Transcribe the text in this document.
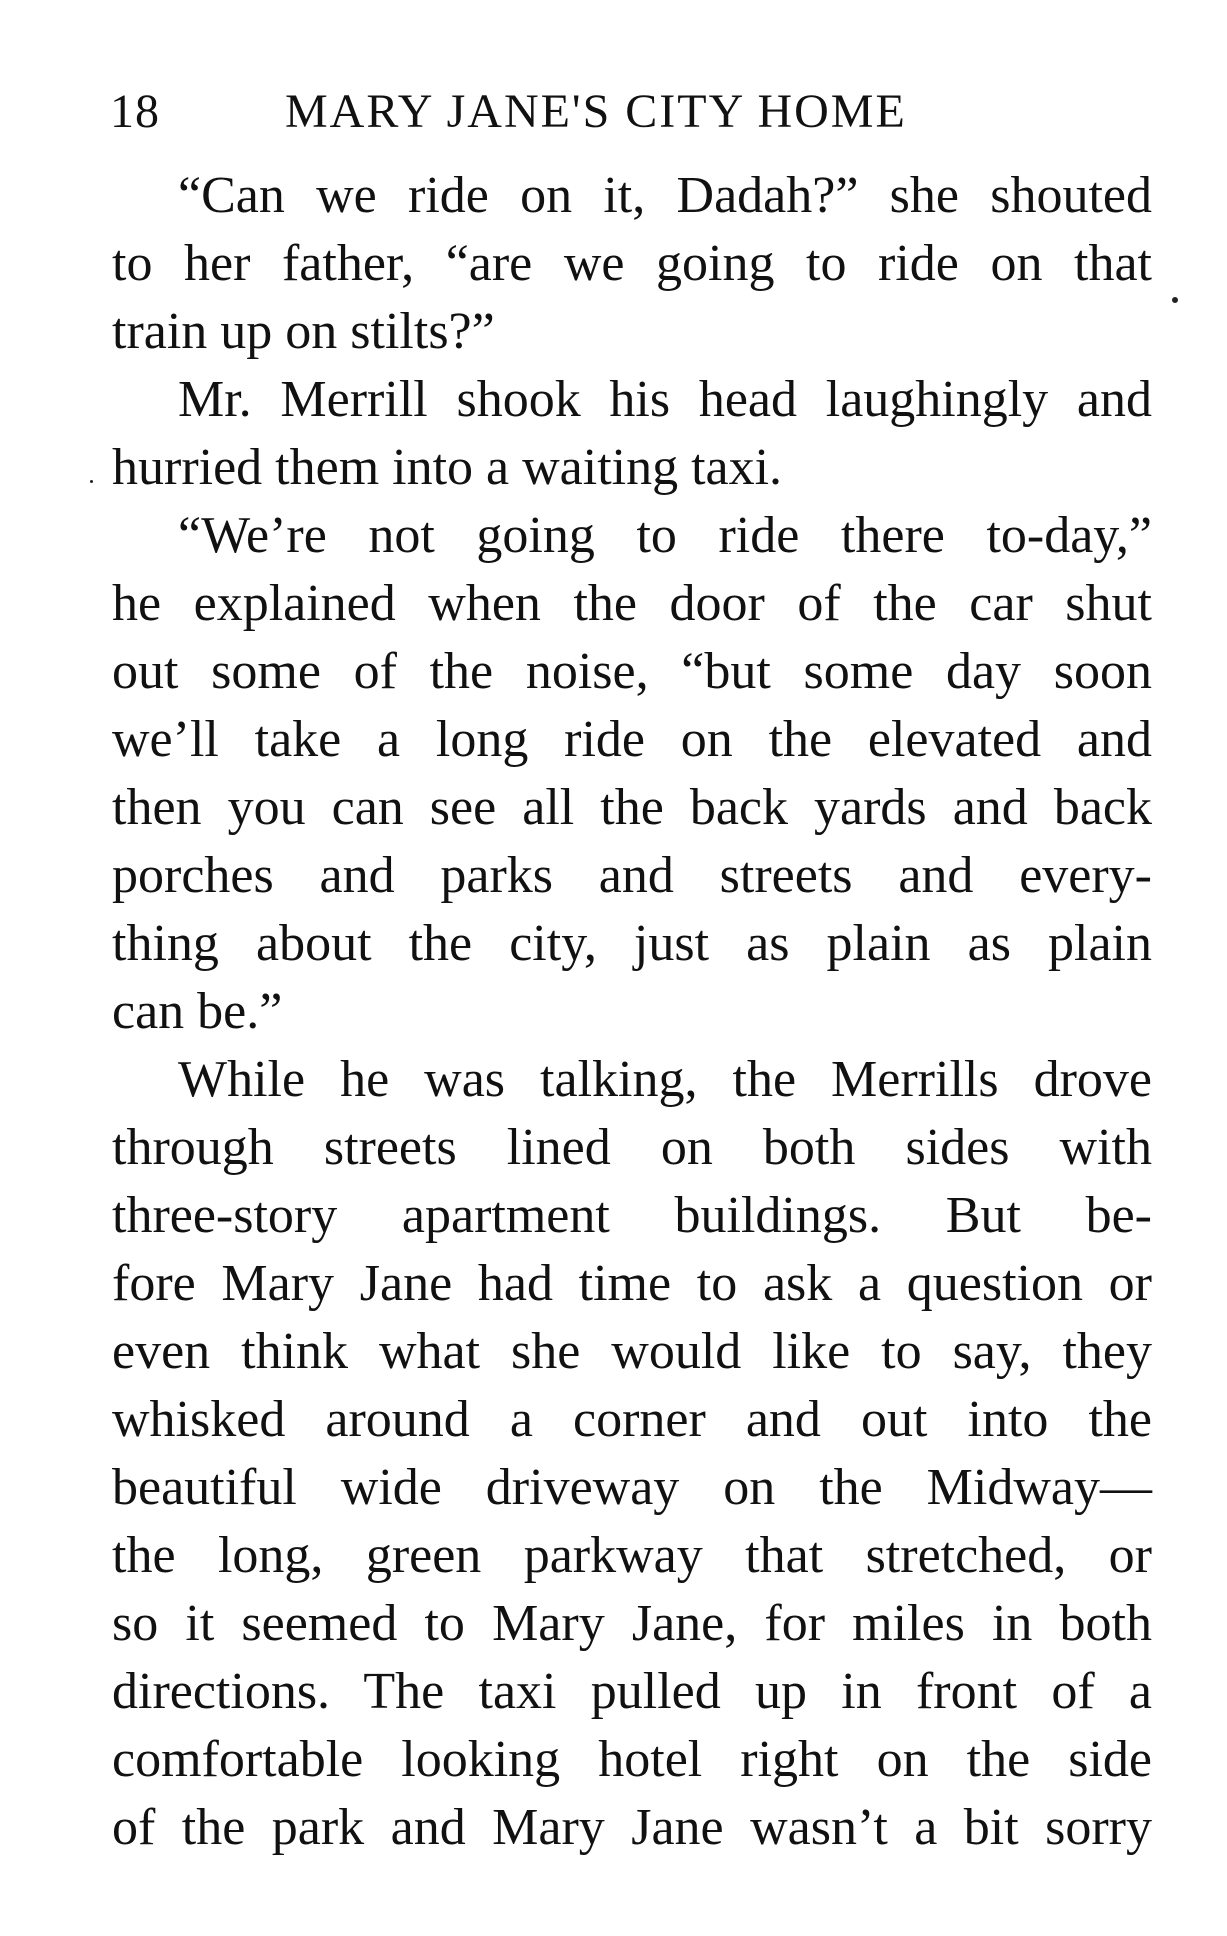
18	MARY JANE'S CITY HOME
“Can we ride on it, Dadah?” she shouted
to her father, “are we going to ride on that
train up on stilts?”
Mr. Merrill shook his head laughingly and
hurried them into a waiting taxi.
“We’re not going to ride there to-day,”
he explained when the door of the car shut
out some of the noise, “but some day soon
we’ll take a long ride on the elevated and
then you can see all the back yards and back
porches and parks and streets and every-
thing about the city, just as plain as plain
can be.”
While he was talking, the Merrills drove
through streets lined on both sides with
three-story apartment buildings. But be-
fore Mary Jane had time to ask a question or
even think what she would like to say, they
whisked around a corner and out into the
beautiful wide driveway on the Midway—
the long, green parkway that stretched, or
so it seemed to Mary Jane, for miles in both
directions. The taxi pulled up in front of a
comfortable looking hotel right on the side
of the park and Mary Jane wasn’t a bit sorry
